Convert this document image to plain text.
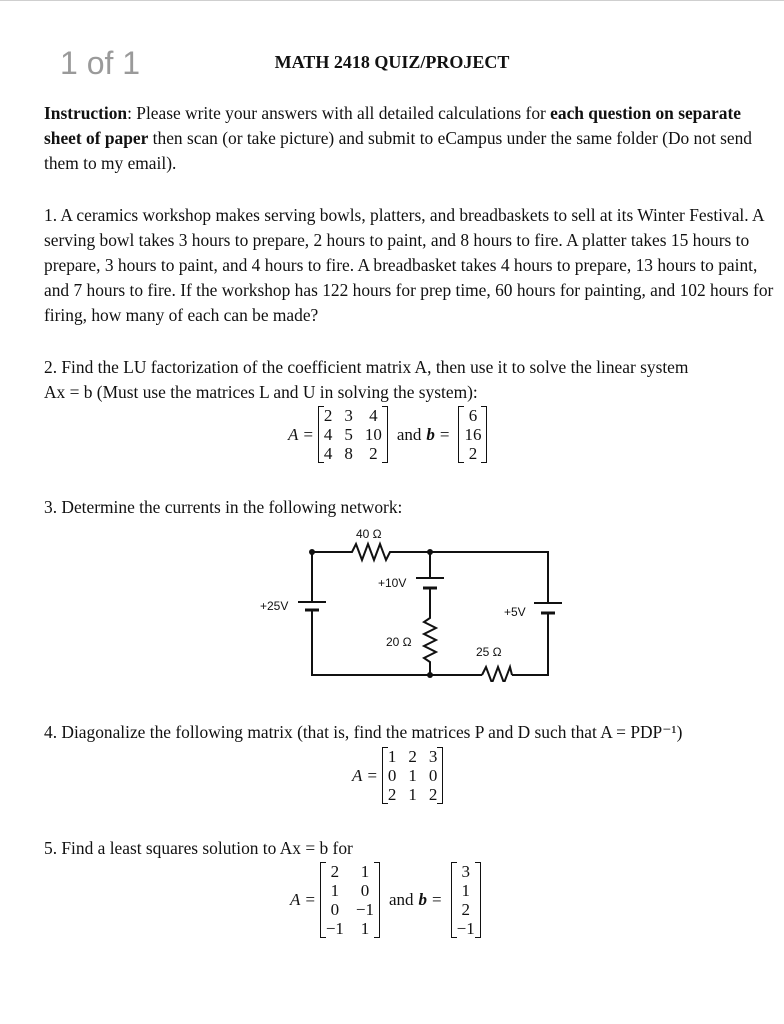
1 of 1	MATH 2418 QUIZ/PROJECT
Instruction: Please write your answers with all detailed calculations for each question on separate sheet of paper then scan (or take picture) and submit to eCampus under the same folder (Do not send them to my email).
1. A ceramics workshop makes serving bowls, platters, and breadbaskets to sell at its Winter Festival. A serving bowl takes 3 hours to prepare, 2 hours to paint, and 8 hours to fire. A platter takes 15 hours to prepare, 3 hours to paint, and 4 hours to fire. A breadbasket takes 4 hours to prepare, 13 hours to paint, and 7 hours to fire. If the workshop has 122 hours for prep time, 60 hours for painting, and 102 hours for firing, how many of each can be made?
2. Find the LU factorization of the coefficient matrix A, then use it to solve the linear system
Ax = b (Must use the matrices L and U in solving the system):
A =
2	3	4
4	5	10
4	8	2
and b =
6
16
2
3. Determine the currents in the following network:
40 Ω
+25V
+10V
+5V
20 Ω
25 Ω
4. Diagonalize the following matrix (that is, find the matrices P and D such that A = PDP⁻¹)
A =
1	2	3
0	1	0
2	1	2
5. Find a least squares solution to Ax = b for
A =
2	1
1	0
0	−1
−1	1
and b =
3
1
2
−1
